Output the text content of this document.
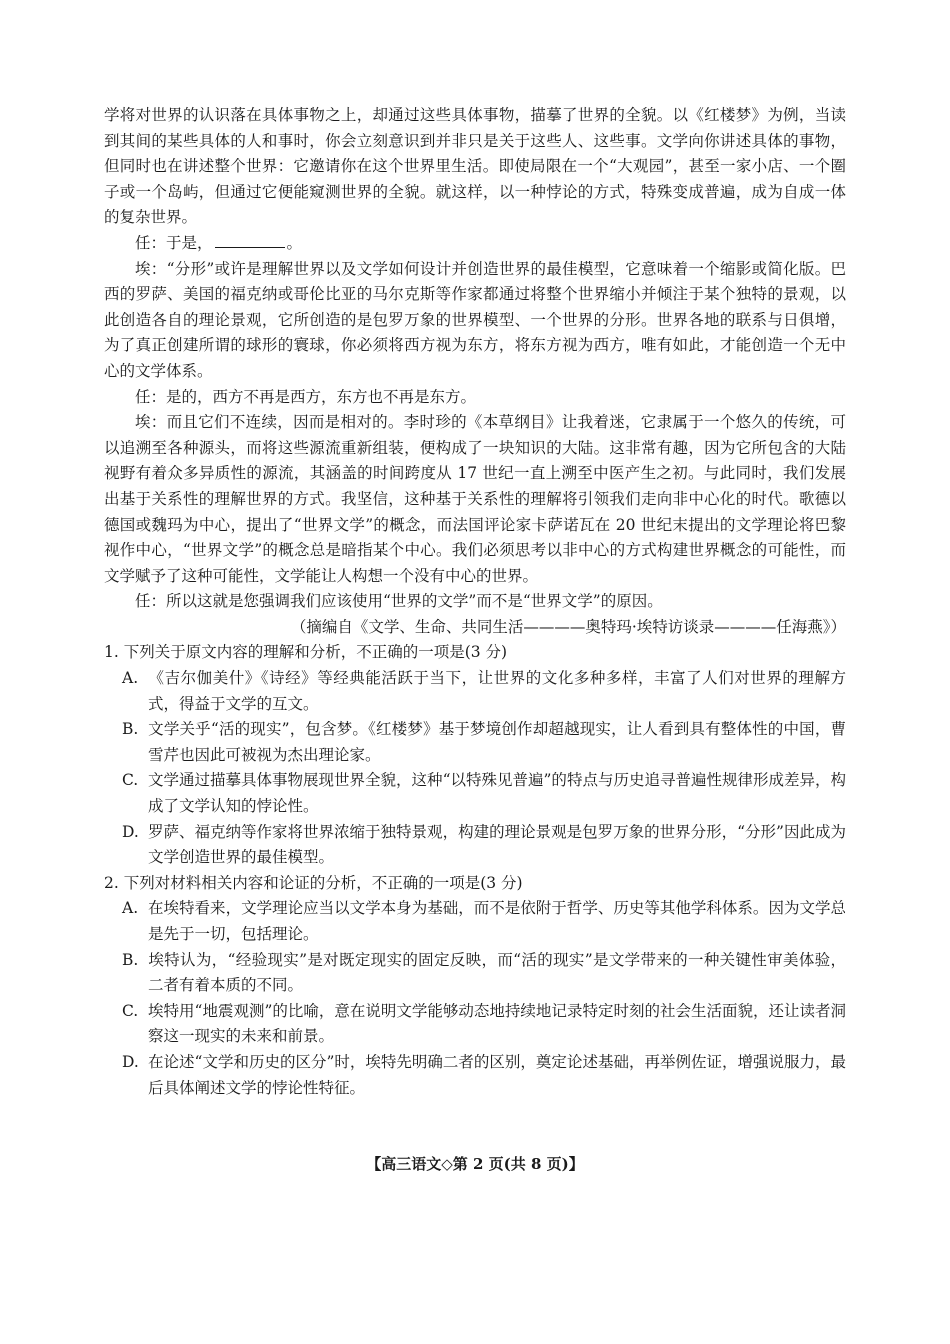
学将对世界的认识落在具体事物之上，却通过这些具体事物，描摹了世界的全貌。以《红楼梦》为例，当读到其间的某些具体的人和事时，你会立刻意识到并非只是关于这些人、这些事。文学向你讲述具体的事物，但同时也在讲述整个世界：它邀请你在这个世界里生活。即使局限在一个“大观园”，甚至一家小店、一个圈子或一个岛屿，但通过它便能窥测世界的全貌。就这样，以一种悖论的方式，特殊变成普遍，成为自成一体的复杂世界。
任：于是，	。
埃：“分形”或许是理解世界以及文学如何设计并创造世界的最佳模型，它意味着一个缩影或简化版。巴西的罗萨、美国的福克纳或哥伦比亚的马尔克斯等作家都通过将整个世界缩小并倾注于某个独特的景观，以此创造各自的理论景观，它所创造的是包罗万象的世界模型、一个世界的分形。世界各地的联系与日俱增，为了真正创建所谓的球形的寰球，你必须将西方视为东方，将东方视为西方，唯有如此，才能创造一个无中心的文学体系。
任：是的，西方不再是西方，东方也不再是东方。
埃：而且它们不连续，因而是相对的。李时珍的《本草纲目》让我着迷，它隶属于一个悠久的传统，可以追溯至各种源头，而将这些源流重新组装，便构成了一块知识的大陆。这非常有趣，因为它所包含的大陆视野有着众多异质性的源流，其涵盖的时间跨度从 17 世纪一直上溯至中医产生之初。与此同时，我们发展出基于关系性的理解世界的方式。我坚信，这种基于关系性的理解将引领我们走向非中心化的时代。歌德以德国或魏玛为中心，提出了“世界文学”的概念，而法国评论家卡萨诺瓦在 20 世纪末提出的文学理论将巴黎视作中心，“世界文学”的概念总是暗指某个中心。我们必须思考以非中心的方式构建世界概念的可能性，而文学赋予了这种可能性，文学能让人构想一个没有中心的世界。
任：所以这就是您强调我们应该使用“世界的文学”而不是“世界文学”的原因。
（摘编自《文学、生命、共同生活————奥特玛·埃特访谈录————任海燕》）
1. 下列关于原文内容的理解和分析，不正确的一项是(3 分)
A. 《吉尔伽美什》《诗经》等经典能活跃于当下，让世界的文化多种多样，丰富了人们对世界的理解方式，得益于文学的互文。
B. 文学关乎“活的现实”，包含梦。《红楼梦》基于梦境创作却超越现实，让人看到具有整体性的中国，曹雪芹也因此可被视为杰出理论家。
C. 文学通过描摹具体事物展现世界全貌，这种“以特殊见普遍”的特点与历史追寻普遍性规律形成差异，构成了文学认知的悖论性。
D. 罗萨、福克纳等作家将世界浓缩于独特景观，构建的理论景观是包罗万象的世界分形，“分形”因此成为文学创造世界的最佳模型。
2. 下列对材料相关内容和论证的分析，不正确的一项是(3 分)
A. 在埃特看来，文学理论应当以文学本身为基础，而不是依附于哲学、历史等其他学科体系。因为文学总是先于一切，包括理论。
B. 埃特认为，“经验现实”是对既定现实的固定反映，而“活的现实”是文学带来的一种关键性审美体验，二者有着本质的不同。
C. 埃特用“地震观测”的比喻，意在说明文学能够动态地持续地记录特定时刻的社会生活面貌，还让读者洞察这一现实的未来和前景。
D. 在论述“文学和历史的区分”时，埃特先明确二者的区别，奠定论述基础，再举例佐证，增强说服力，最后具体阐述文学的悖论性特征。
【高三语文◇第 2 页(共 8 页)】
